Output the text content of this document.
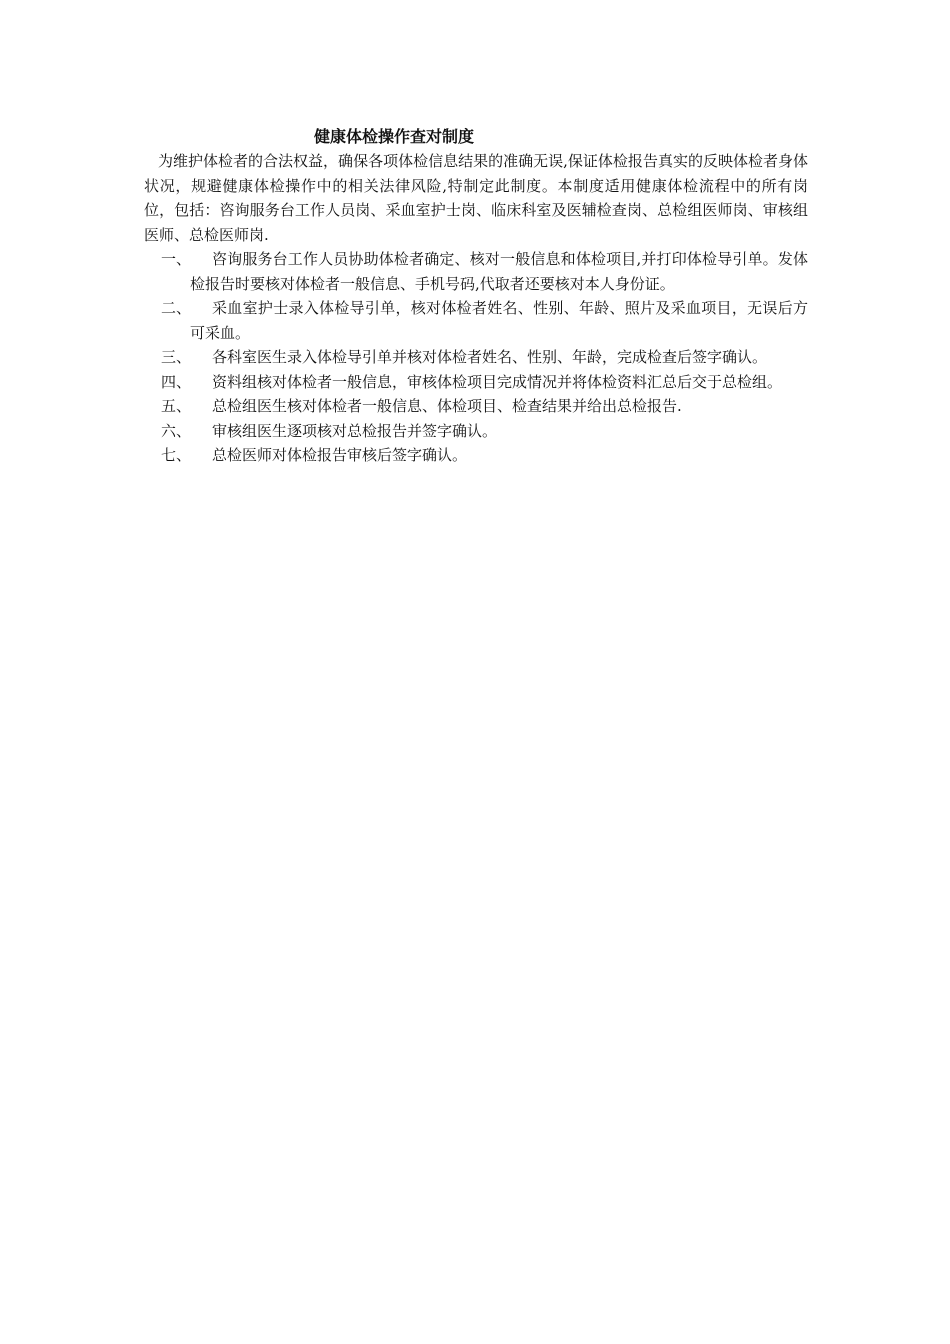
健康体检操作查对制度

为维护体检者的合法权益，确保各项体检信息结果的准确无误,保证体检报告真实的反映体检者身体状况，规避健康体检操作中的相关法律风险,特制定此制度。本制度适用健康体检流程中的所有岗位，包括：咨询服务台工作人员岗、采血室护士岗、临床科室及医辅检查岗、总检组医师岗、审核组医师、总检医师岗.

一、	咨询服务台工作人员协助体检者确定、核对一般信息和体检项目,并打印体检导引单。发体检报告时要核对体检者一般信息、手机号码,代取者还要核对本人身份证。
二、	采血室护士录入体检导引单，核对体检者姓名、性别、年龄、照片及采血项目，无误后方可采血。
三、	各科室医生录入体检导引单并核对体检者姓名、性别、年龄，完成检查后签字确认。
四、	资料组核对体检者一般信息，审核体检项目完成情况并将体检资料汇总后交于总检组。
五、	总检组医生核对体检者一般信息、体检项目、检查结果并给出总检报告.
六、	审核组医生逐项核对总检报告并签字确认。
七、	总检医师对体检报告审核后签字确认。
